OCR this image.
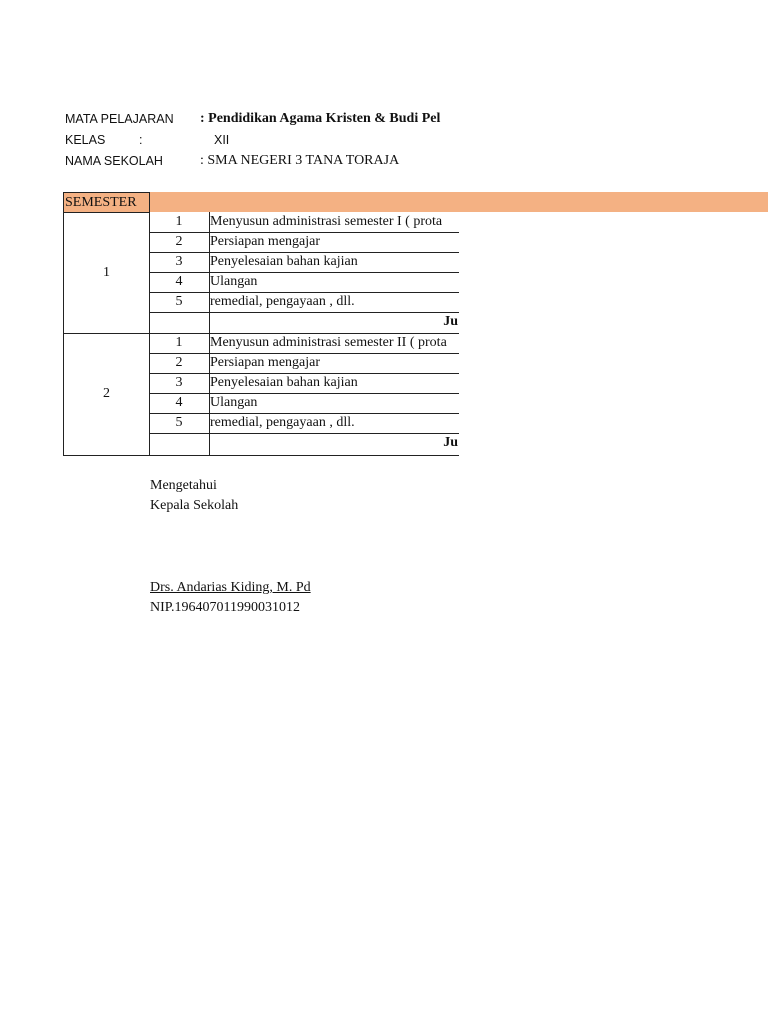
MATA PELAJARAN : Pendidikan Agama Kristen & Budi Pel
KELAS	:	XII
NAMA SEKOLAH	: SMA NEGERI 3 TANA TORAJA
SEMESTER
1
1	Menyusun administrasi semester I ( prota
2	Persiapan mengajar
3	Penyelesaian bahan kajian
4	Ulangan
5	remedial, pengayaan , dll.
Ju
2
1	Menyusun administrasi semester II ( prota
2	Persiapan mengajar
3	Penyelesaian bahan kajian
4	Ulangan
5	remedial, pengayaan , dll.
Ju
Mengetahui
Kepala Sekolah
Drs. Andarias Kiding, M. Pd
NIP.196407011990031012
